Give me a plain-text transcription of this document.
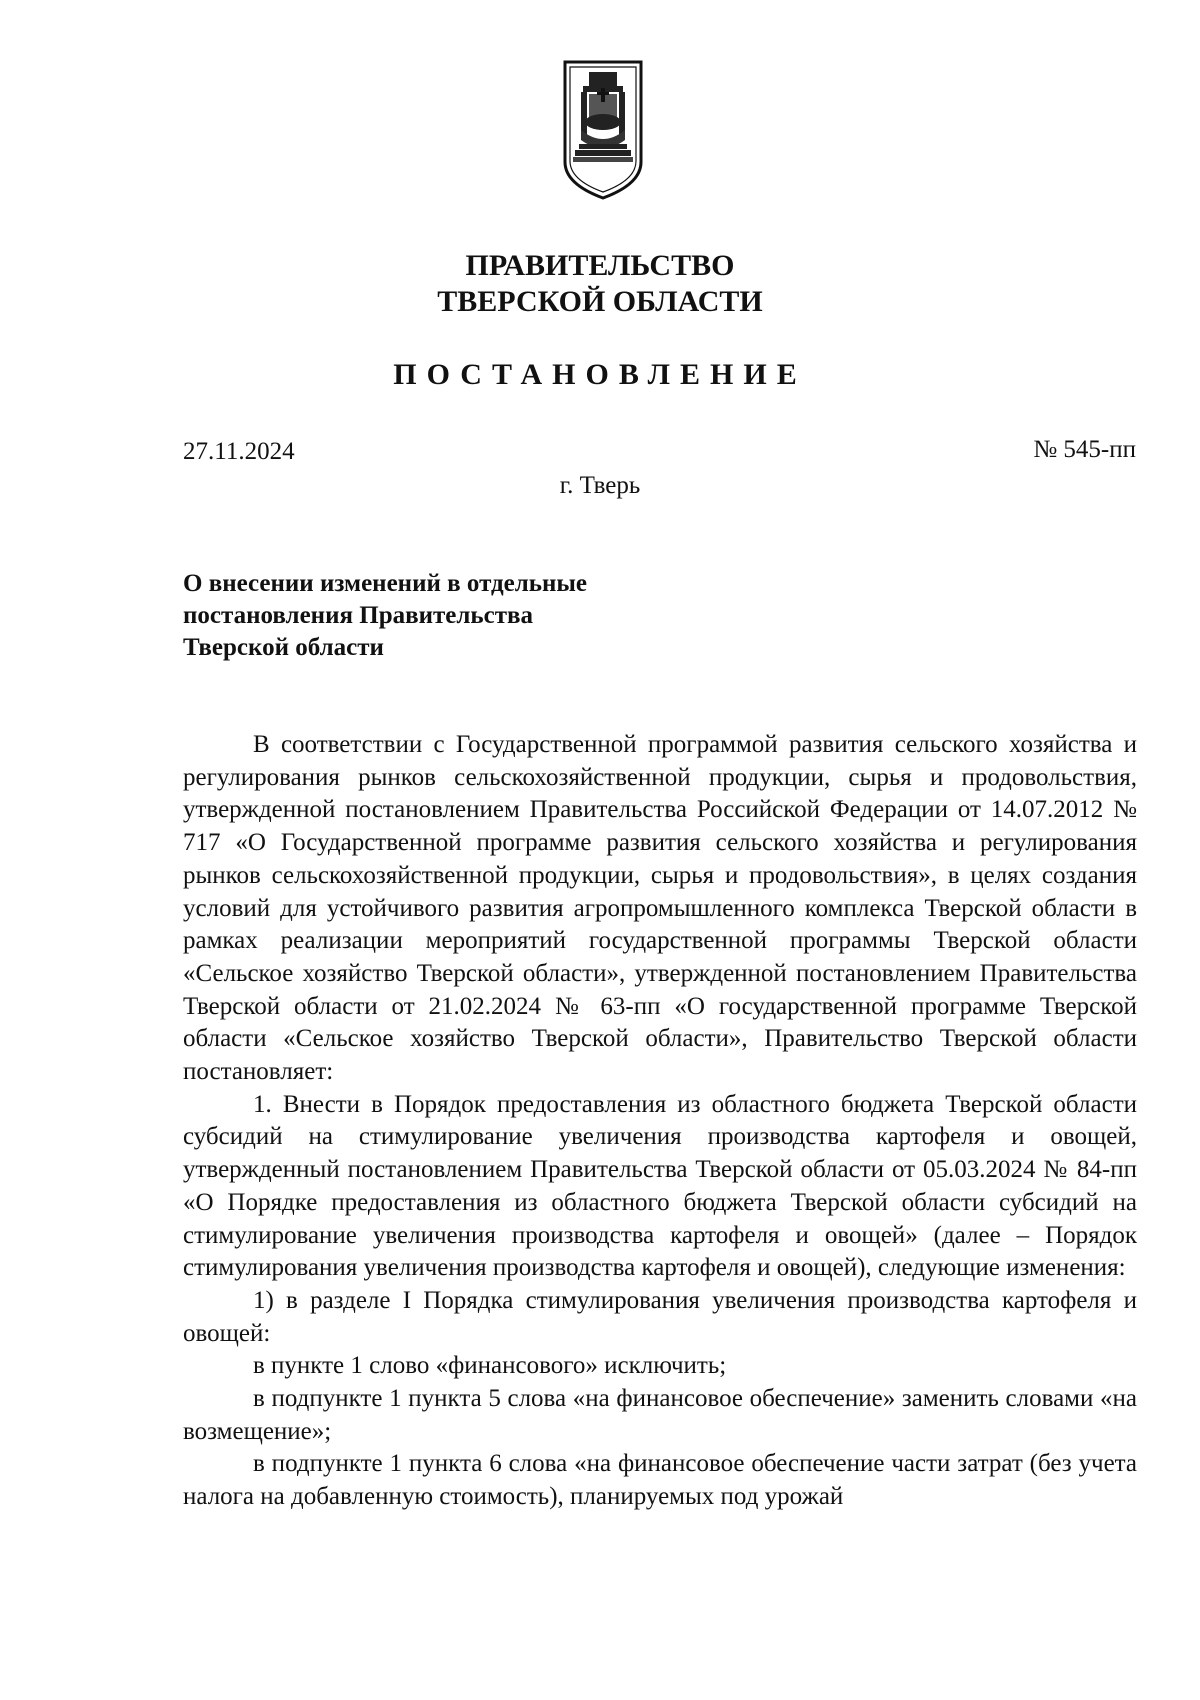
ПРАВИТЕЛЬСТВО
ТВЕРСКОЙ ОБЛАСТИ
ПОСТАНОВЛЕНИЕ
27.11.2024	№ 545-пп
г. Тверь
О внесении изменений в отдельные
постановления Правительства
Тверской области

В соответствии с Государственной программой развития сельского хозяйства и регулирования рынков сельскохозяйственной продукции, сырья и продовольствия, утвержденной постановлением Правительства Российской Федерации от 14.07.2012 № 717 «О Государственной программе развития сельского хозяйства и регулирования рынков сельскохозяйственной продукции, сырья и продовольствия», в целях создания условий для устойчивого развития агропромышленного комплекса Тверской области в рамках реализации мероприятий государственной программы Тверской области «Сельское хозяйство Тверской области», утвержденной постановлением Правительства Тверской области от 21.02.2024 № 63-пп «О государственной программе Тверской области «Сельское хозяйство Тверской области», Правительство Тверской области постановляет:

1. Внести в Порядок предоставления из областного бюджета Тверской области субсидий на стимулирование увеличения производства картофеля и овощей, утвержденный постановлением Правительства Тверской области от 05.03.2024 № 84-пп «О Порядке предоставления из областного бюджета Тверской области субсидий на стимулирование увеличения производства картофеля и овощей» (далее – Порядок стимулирования увеличения производства картофеля и овощей), следующие изменения:

1) в разделе I Порядка стимулирования увеличения производства картофеля и овощей:

в пункте 1 слово «финансового» исключить;

в подпункте 1 пункта 5 слова «на финансовое обеспечение» заменить словами «на возмещение»;

в подпункте 1 пункта 6 слова «на финансовое обеспечение части затрат (без учета налога на добавленную стоимость), планируемых под урожай
